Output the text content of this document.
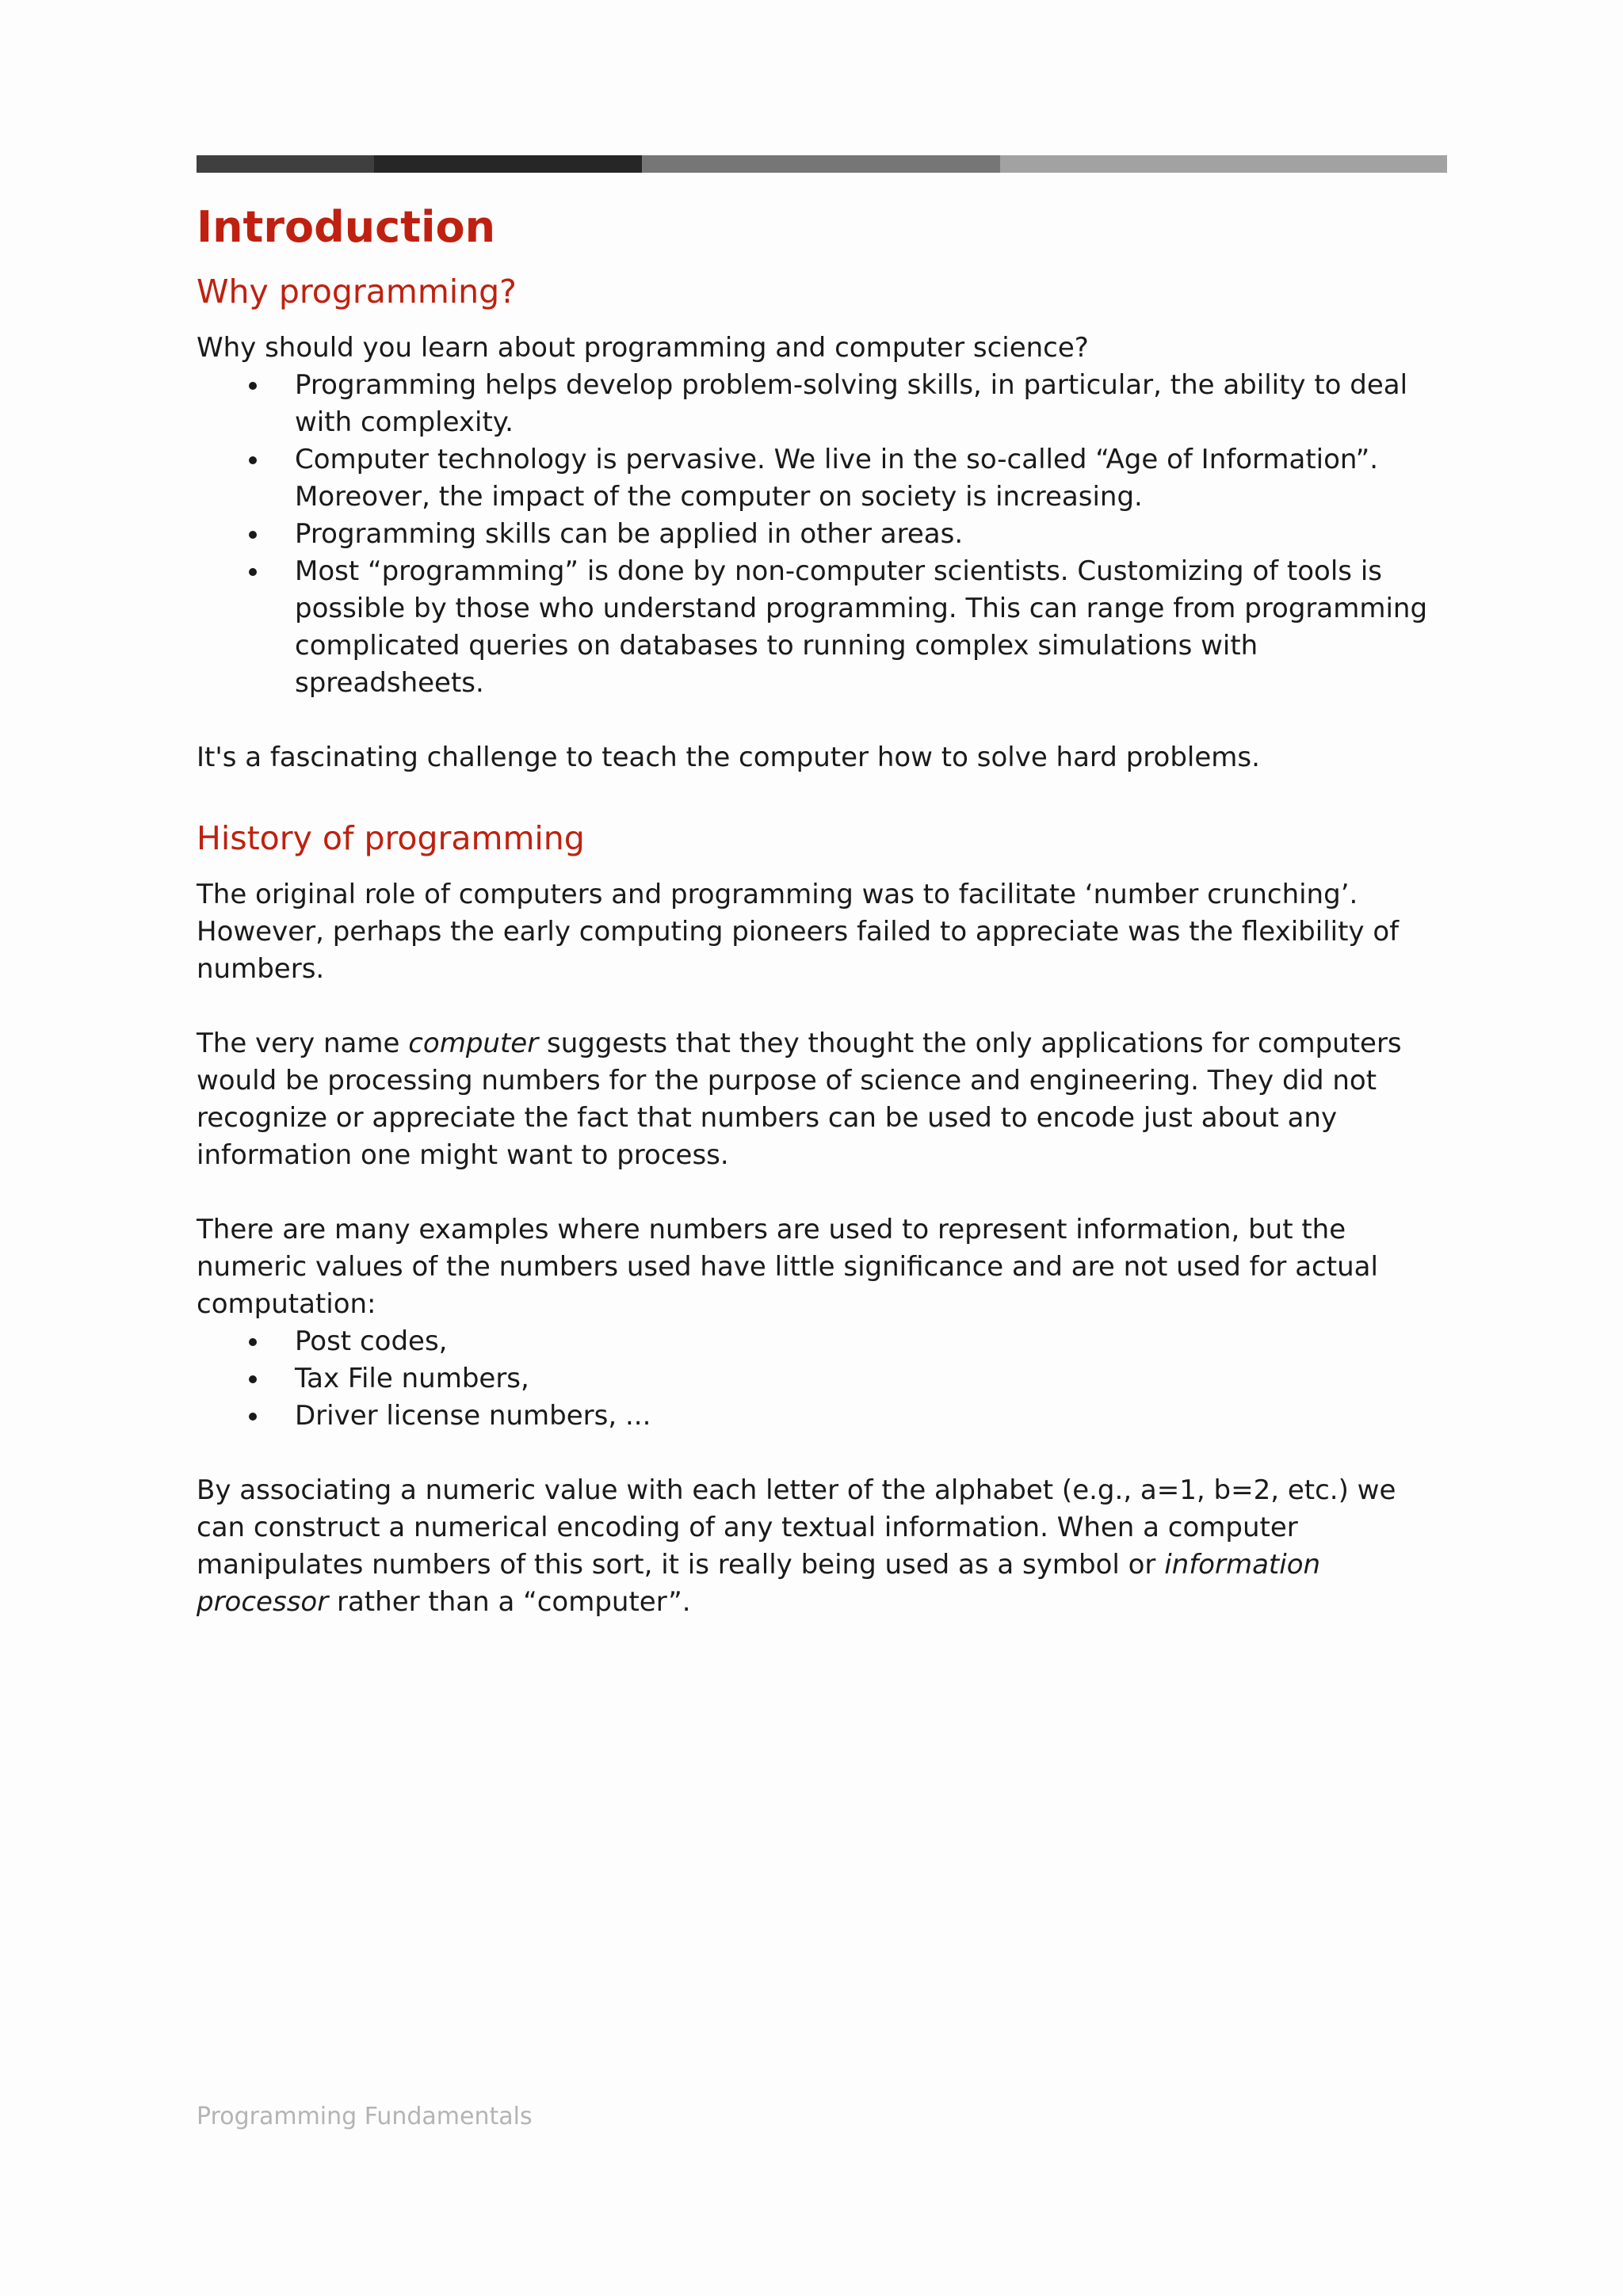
Introduction
Why programming?

Why should you learn about programming and computer science?

Programming helps develop problem-solving skills, in particular, the ability to deal with complexity.
Computer technology is pervasive. We live in the so-called “Age of Information”. Moreover, the impact of the computer on society is increasing.
Programming skills can be applied in other areas.
Most “programming” is done by non-computer scientists. Customizing of tools is possible by those who understand programming. This can range from programming complicated queries on databases to running complex simulations with spreadsheets.

It's a fascinating challenge to teach the computer how to solve hard problems.

History of programming

The original role of computers and programming was to facilitate ‘number crunching’. However, perhaps the early computing pioneers failed to appreciate was the flexibility of numbers.

The very name computer suggests that they thought the only applications for computers would be processing numbers for the purpose of science and engineering. They did not recognize or appreciate the fact that numbers can be used to encode just about any information one might want to process.

There are many examples where numbers are used to represent information, but the numeric values of the numbers used have little significance and are not used for actual computation:

Post codes,
Tax File numbers,
Driver license numbers, ...

By associating a numeric value with each letter of the alphabet (e.g., a=1, b=2, etc.) we can construct a numerical encoding of any textual information. When a computer manipulates numbers of this sort, it is really being used as a symbol or information processor rather than a “computer”.

Programming Fundamentals
